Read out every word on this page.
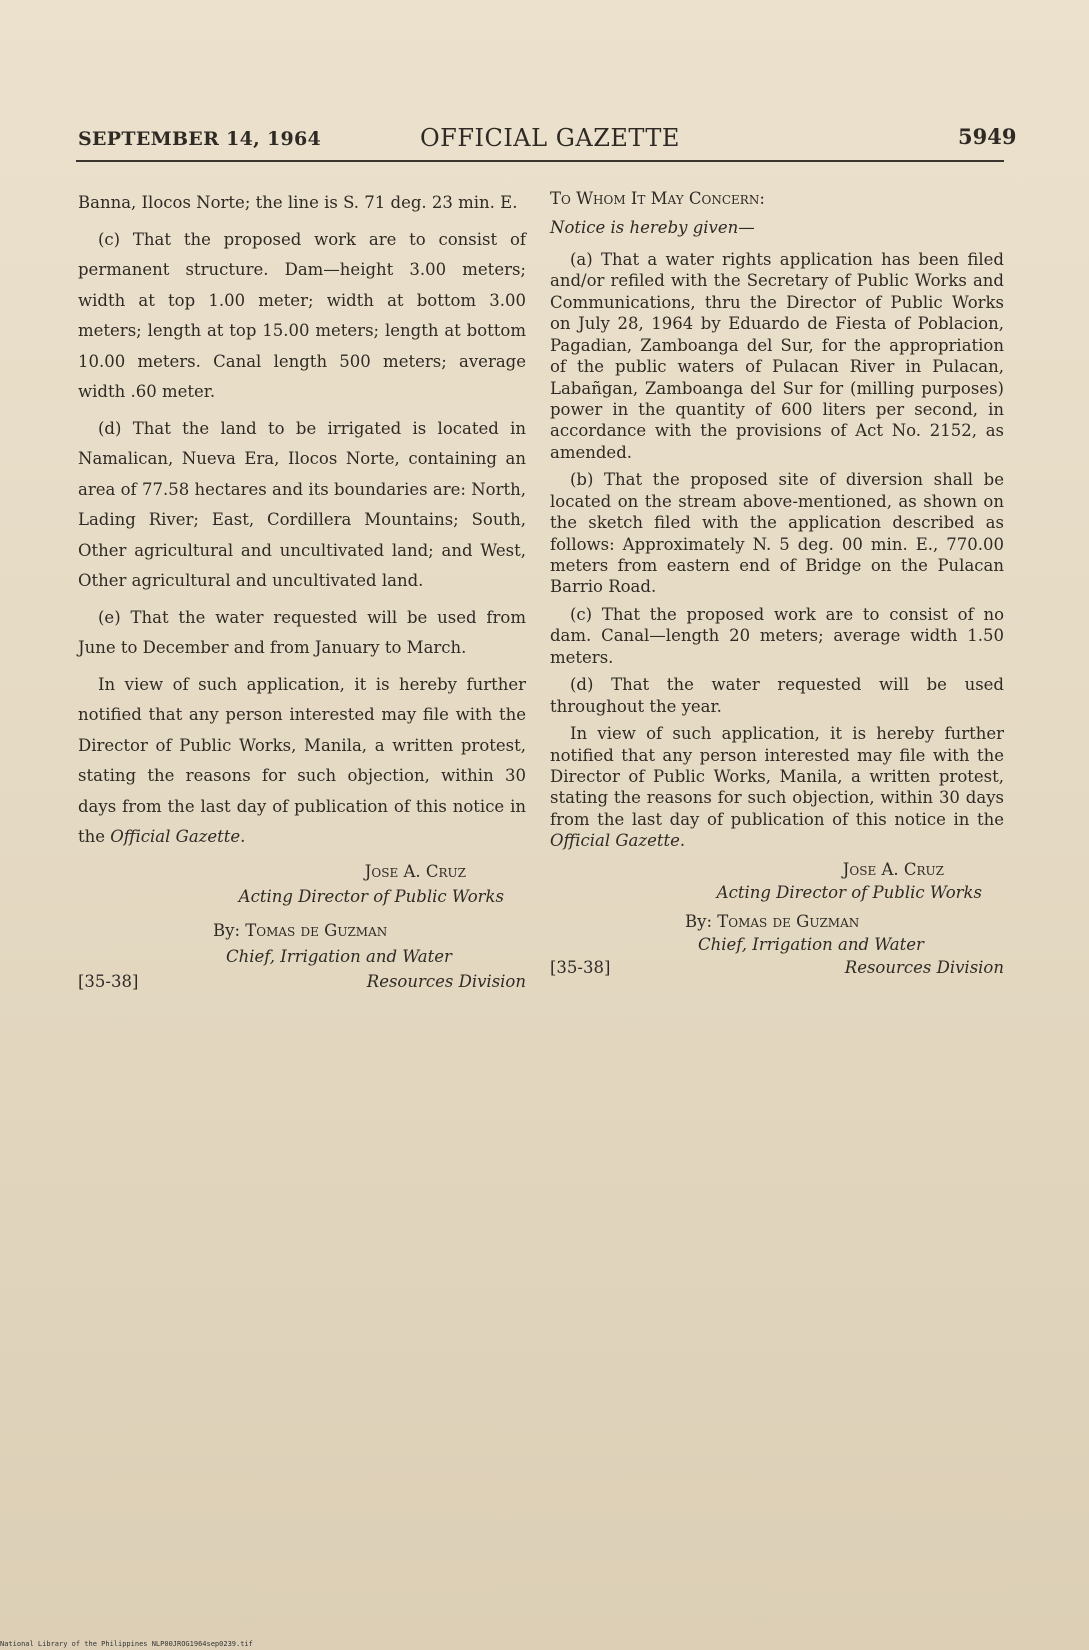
SEPTEMBER 14, 1964	OFFICIAL GAZETTE	5949

Banna, Ilocos Norte; the line is S. 71 deg. 23 min. E.

(c) That the proposed work are to consist of permanent structure. Dam—height 3.00 meters; width at top 1.00 meter; width at bottom 3.00 meters; length at top 15.00 meters; length at bottom 10.00 meters. Canal length 500 meters; average width .60 meter.

(d) That the land to be irrigated is located in Namalican, Nueva Era, Ilocos Norte, containing an area of 77.58 hectares and its boundaries are: North, Lading River; East, Cordillera Mountains; South, Other agricultural and uncultivated land; and West, Other agricultural and uncultivated land.

(e) That the water requested will be used from June to December and from January to March.

In view of such application, it is hereby further notified that any person interested may file with the Director of Public Works, Manila, a written protest, stating the reasons for such objection, within 30 days from the last day of publication of this notice in the Official Gazette.

Jose A. Cruz
Acting Director of Public Works
By: Tomas de Guzman
Chief, Irrigation and Water
[35-38]	Resources Division

To Whom It May Concern:

Notice is hereby given—

(a) That a water rights application has been filed and/or refiled with the Secretary of Public Works and Communications, thru the Director of Public Works on July 28, 1964 by Eduardo de Fiesta of Poblacion, Pagadian, Zamboanga del Sur, for the appropriation of the public waters of Pulacan River in Pulacan, Labañgan, Zamboanga del Sur for (milling purposes) power in the quantity of 600 liters per second, in accordance with the provisions of Act No. 2152, as amended.

(b) That the proposed site of diversion shall be located on the stream above-mentioned, as shown on the sketch filed with the application described as follows: Approximately N. 5 deg. 00 min. E., 770.00 meters from eastern end of Bridge on the Pulacan Barrio Road.

(c) That the proposed work are to consist of no dam. Canal—length 20 meters; average width 1.50 meters.

(d) That the water requested will be used throughout the year.

In view of such application, it is hereby further notified that any person interested may file with the Director of Public Works, Manila, a written protest, stating the reasons for such objection, within 30 days from the last day of publication of this notice in the Official Gazette.

Jose A. Cruz
Acting Director of Public Works
By: Tomas de Guzman
Chief, Irrigation and Water
[35-38]	Resources Division
National Library of the Philippines NLP00JROG1964sep0239.tif
